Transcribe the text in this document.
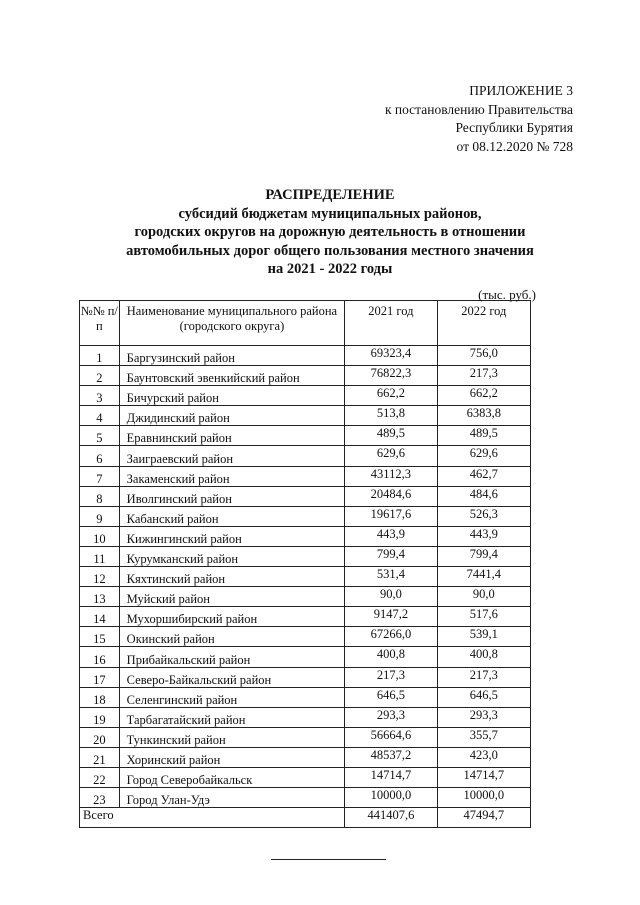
ПРИЛОЖЕНИЕ 3
к постановлению Правительства
Республики Бурятия
от 08.12.2020 № 728
РАСПРЕДЕЛЕНИЕ
субсидий бюджетам муниципальных районов,
городских округов на дорожную деятельность в отношении
автомобильных дорог общего пользования местного значения
на 2021 - 2022 годы
(тыс. руб.)
№№ п/п	Наименование муниципального района (городского округа)	2021 год	2022 год
1	Баргузинский район	69323,4	756,0
2	Баунтовский эвенкийский район	76822,3	217,3
3	Бичурский район	662,2	662,2
4	Джидинский район	513,8	6383,8
5	Еравнинский район	489,5	489,5
6	Заиграевский район	629,6	629,6
7	Закаменский район	43112,3	462,7
8	Иволгинский район	20484,6	484,6
9	Кабанский район	19617,6	526,3
10	Кижингинский район	443,9	443,9
11	Курумканский район	799,4	799,4
12	Кяхтинский район	531,4	7441,4
13	Муйский район	90,0	90,0
14	Мухоршибирский район	9147,2	517,6
15	Окинский район	67266,0	539,1
16	Прибайкальский район	400,8	400,8
17	Северо-Байкальский район	217,3	217,3
18	Селенгинский район	646,5	646,5
19	Тарбагатайский район	293,3	293,3
20	Тункинский район	56664,6	355,7
21	Хоринский район	48537,2	423,0
22	Город Северобайкальск	14714,7	14714,7
23	Город Улан-Удэ	10000,0	10000,0
Всего		441407,6	47494,7
